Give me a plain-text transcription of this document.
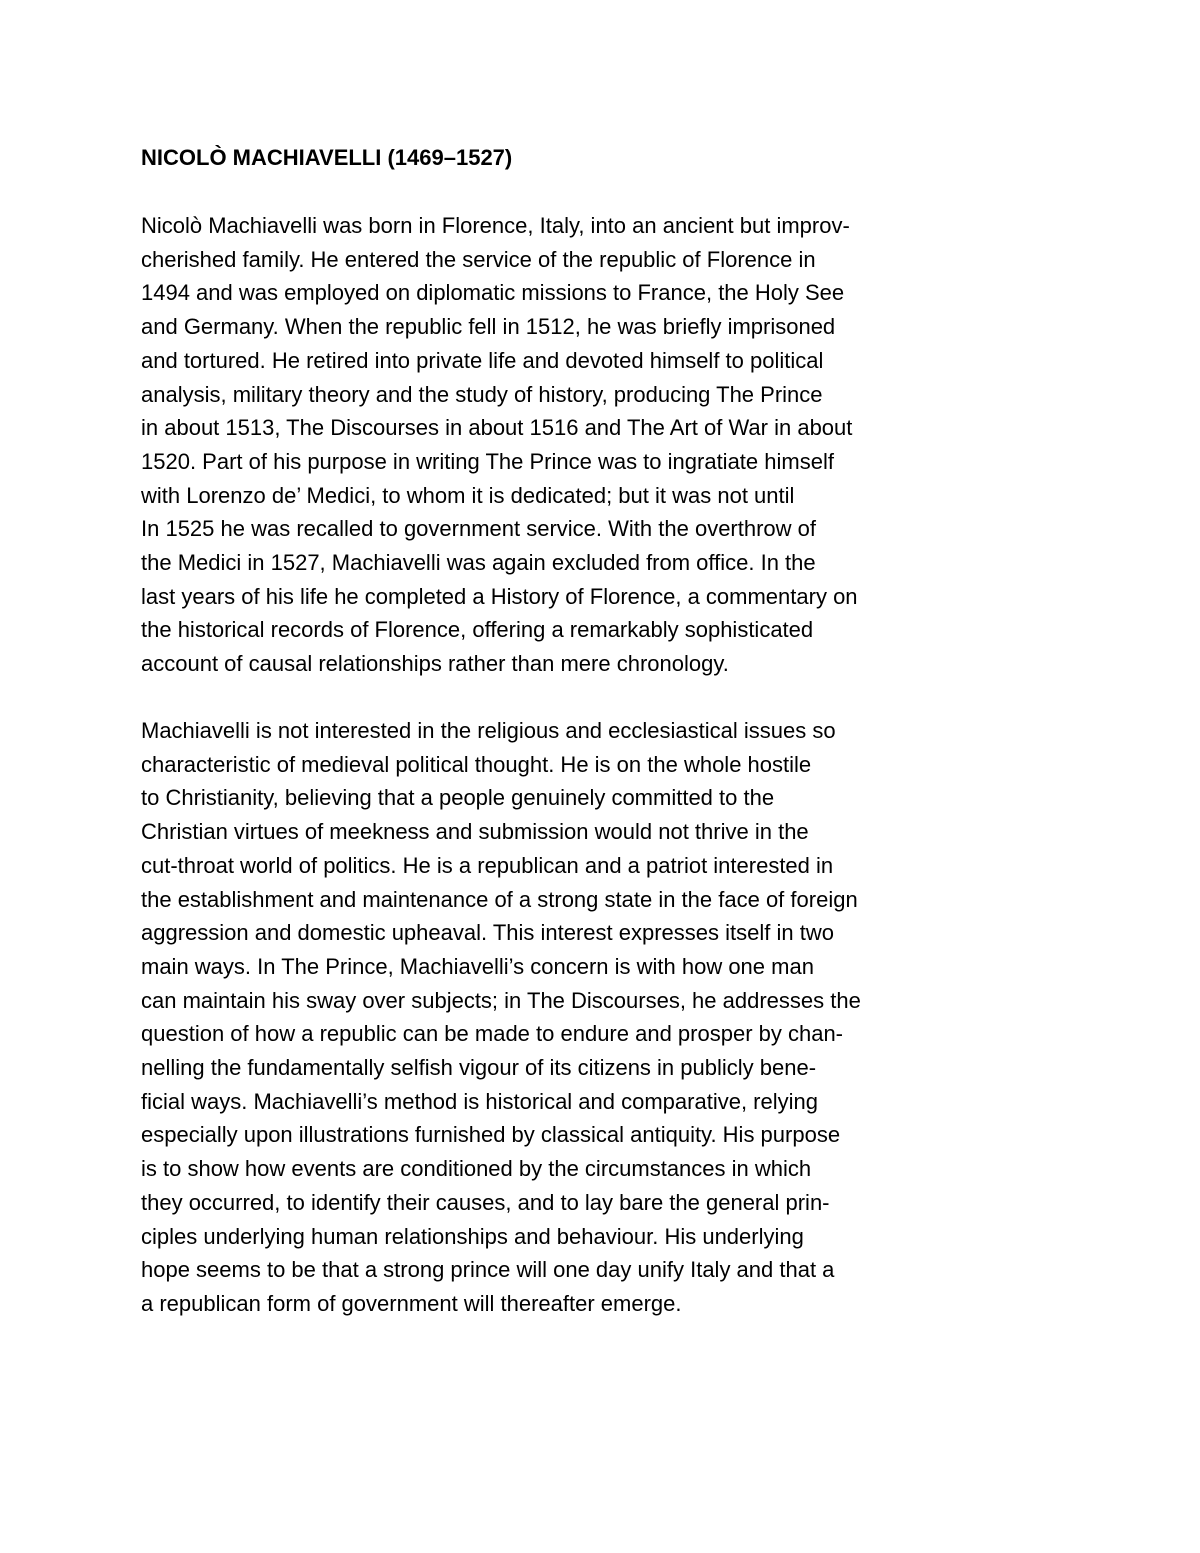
NICOLÒ MACHIAVELLI (1469–1527)
Nicolò Machiavelli was born in Florence, Italy, into an ancient but improv-
cherished family. He entered the service of the republic of Florence in
1494 and was employed on diplomatic missions to France, the Holy See
and Germany. When the republic fell in 1512, he was briefly imprisoned
and tortured. He retired into private life and devoted himself to political
analysis, military theory and the study of history, producing The Prince
in about 1513, The Discourses in about 1516 and The Art of War in about
1520. Part of his purpose in writing The Prince was to ingratiate himself
with Lorenzo de’ Medici, to whom it is dedicated; but it was not until
In 1525 he was recalled to government service. With the overthrow of
the Medici in 1527, Machiavelli was again excluded from office. In the
last years of his life he completed a History of Florence, a commentary on
the historical records of Florence, offering a remarkably sophisticated
account of causal relationships rather than mere chronology.
Machiavelli is not interested in the religious and ecclesiastical issues so
characteristic of medieval political thought. He is on the whole hostile
to Christianity, believing that a people genuinely committed to the
Christian virtues of meekness and submission would not thrive in the
cut-throat world of politics. He is a republican and a patriot interested in
the establishment and maintenance of a strong state in the face of foreign
aggression and domestic upheaval. This interest expresses itself in two
main ways. In The Prince, Machiavelli’s concern is with how one man
can maintain his sway over subjects; in The Discourses, he addresses the
question of how a republic can be made to endure and prosper by chan-
nelling the fundamentally selfish vigour of its citizens in publicly bene-
ficial ways. Machiavelli’s method is historical and comparative, relying
especially upon illustrations furnished by classical antiquity. His purpose
is to show how events are conditioned by the circumstances in which
they occurred, to identify their causes, and to lay bare the general prin-
ciples underlying human relationships and behaviour. His underlying
hope seems to be that a strong prince will one day unify Italy and that a
a republican form of government will thereafter emerge.
